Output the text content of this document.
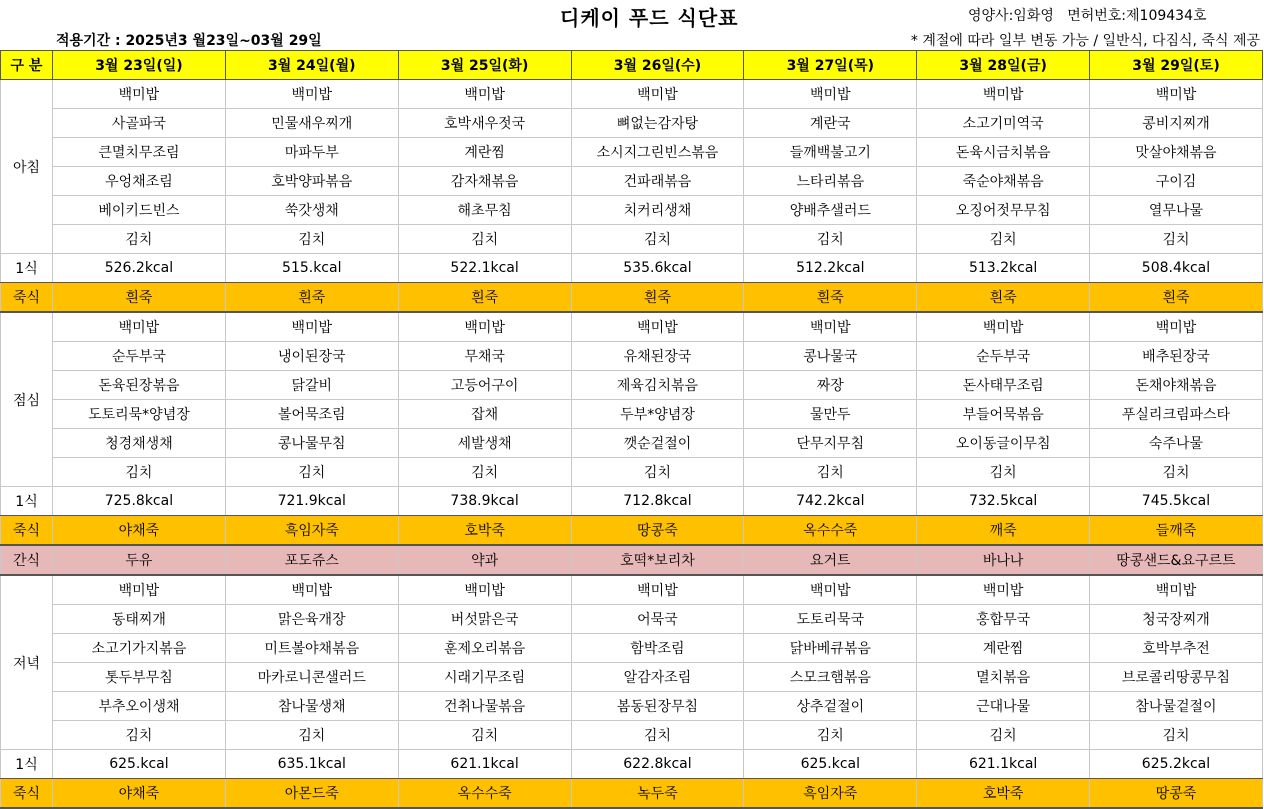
디케이 푸드 식단표	영양사:임화영   면허번호:제109434호
적용기간 : 2025년3 월23일~03월 29일	* 계절에 따라 일부 변동 가능 / 일반식, 다짐식, 죽식 제공
구 분	3월 23일(일)	3월 24일(월)	3월 25일(화)	3월 26일(수)	3월 27일(목)	3월 28일(금)	3월 29일(토)
아침	백미밥	백미밥	백미밥	백미밥	백미밥	백미밥	백미밥
	사골파국	민물새우찌개	호박새우젓국	뼈없는감자탕	계란국	소고기미역국	콩비지찌개
	큰멸치무조림	마파두부	계란찜	소시지그린빈스볶음	들깨백불고기	돈육시금치볶음	맛살야채볶음
	우엉채조림	호박양파볶음	감자채볶음	건파래볶음	느타리볶음	죽순야채볶음	구이김
	베이키드빈스	쑥갓생채	해초무침	치커리생채	양배추샐러드	오징어젓무무침	열무나물
	김치	김치	김치	김치	김치	김치	김치
1식	526.2kcal	515.kcal	522.1kcal	535.6kcal	512.2kcal	513.2kcal	508.4kcal
죽식	흰죽	흰죽	흰죽	흰죽	흰죽	흰죽	흰죽
점심	백미밥	백미밥	백미밥	백미밥	백미밥	백미밥	백미밥
	순두부국	냉이된장국	무채국	유채된장국	콩나물국	순두부국	배추된장국
	돈육된장볶음	닭갈비	고등어구이	제육김치볶음	짜장	돈사태무조림	돈채야채볶음
	도토리묵*양념장	볼어묵조림	잡채	두부*양념장	물만두	부들어묵볶음	푸실리크림파스타
	청경채생채	콩나물무침	세발생채	깻순겉절이	단무지무침	오이동글이무침	숙주나물
	김치	김치	김치	김치	김치	김치	김치
1식	725.8kcal	721.9kcal	738.9kcal	712.8kcal	742.2kcal	732.5kcal	745.5kcal
죽식	야채죽	흑임자죽	호박죽	땅콩죽	옥수수죽	깨죽	들깨죽
간식	두유	포도쥬스	약과	호떡*보리차	요거트	바나나	땅콩샌드&요구르트
저녁	백미밥	백미밥	백미밥	백미밥	백미밥	백미밥	백미밥
	동태찌개	맑은육개장	버섯맑은국	어묵국	도토리묵국	홍합무국	청국장찌개
	소고기가지볶음	미트볼야채볶음	훈제오리볶음	함박조림	닭바베큐볶음	계란찜	호박부추전
	톳두부무침	마카로니콘샐러드	시래기무조림	알감자조림	스모크햄볶음	멸치볶음	브로콜리땅콩무침
	부추오이생채	참나물생채	건취나물볶음	봄동된장무침	상추겉절이	근대나물	참나물겉절이
	김치	김치	김치	김치	김치	김치	김치
1식	625.kcal	635.1kcal	621.1kcal	622.8kcal	625.kcal	621.1kcal	625.2kcal
죽식	야채죽	아몬드죽	옥수수죽	녹두죽	흑임자죽	호박죽	땅콩죽
